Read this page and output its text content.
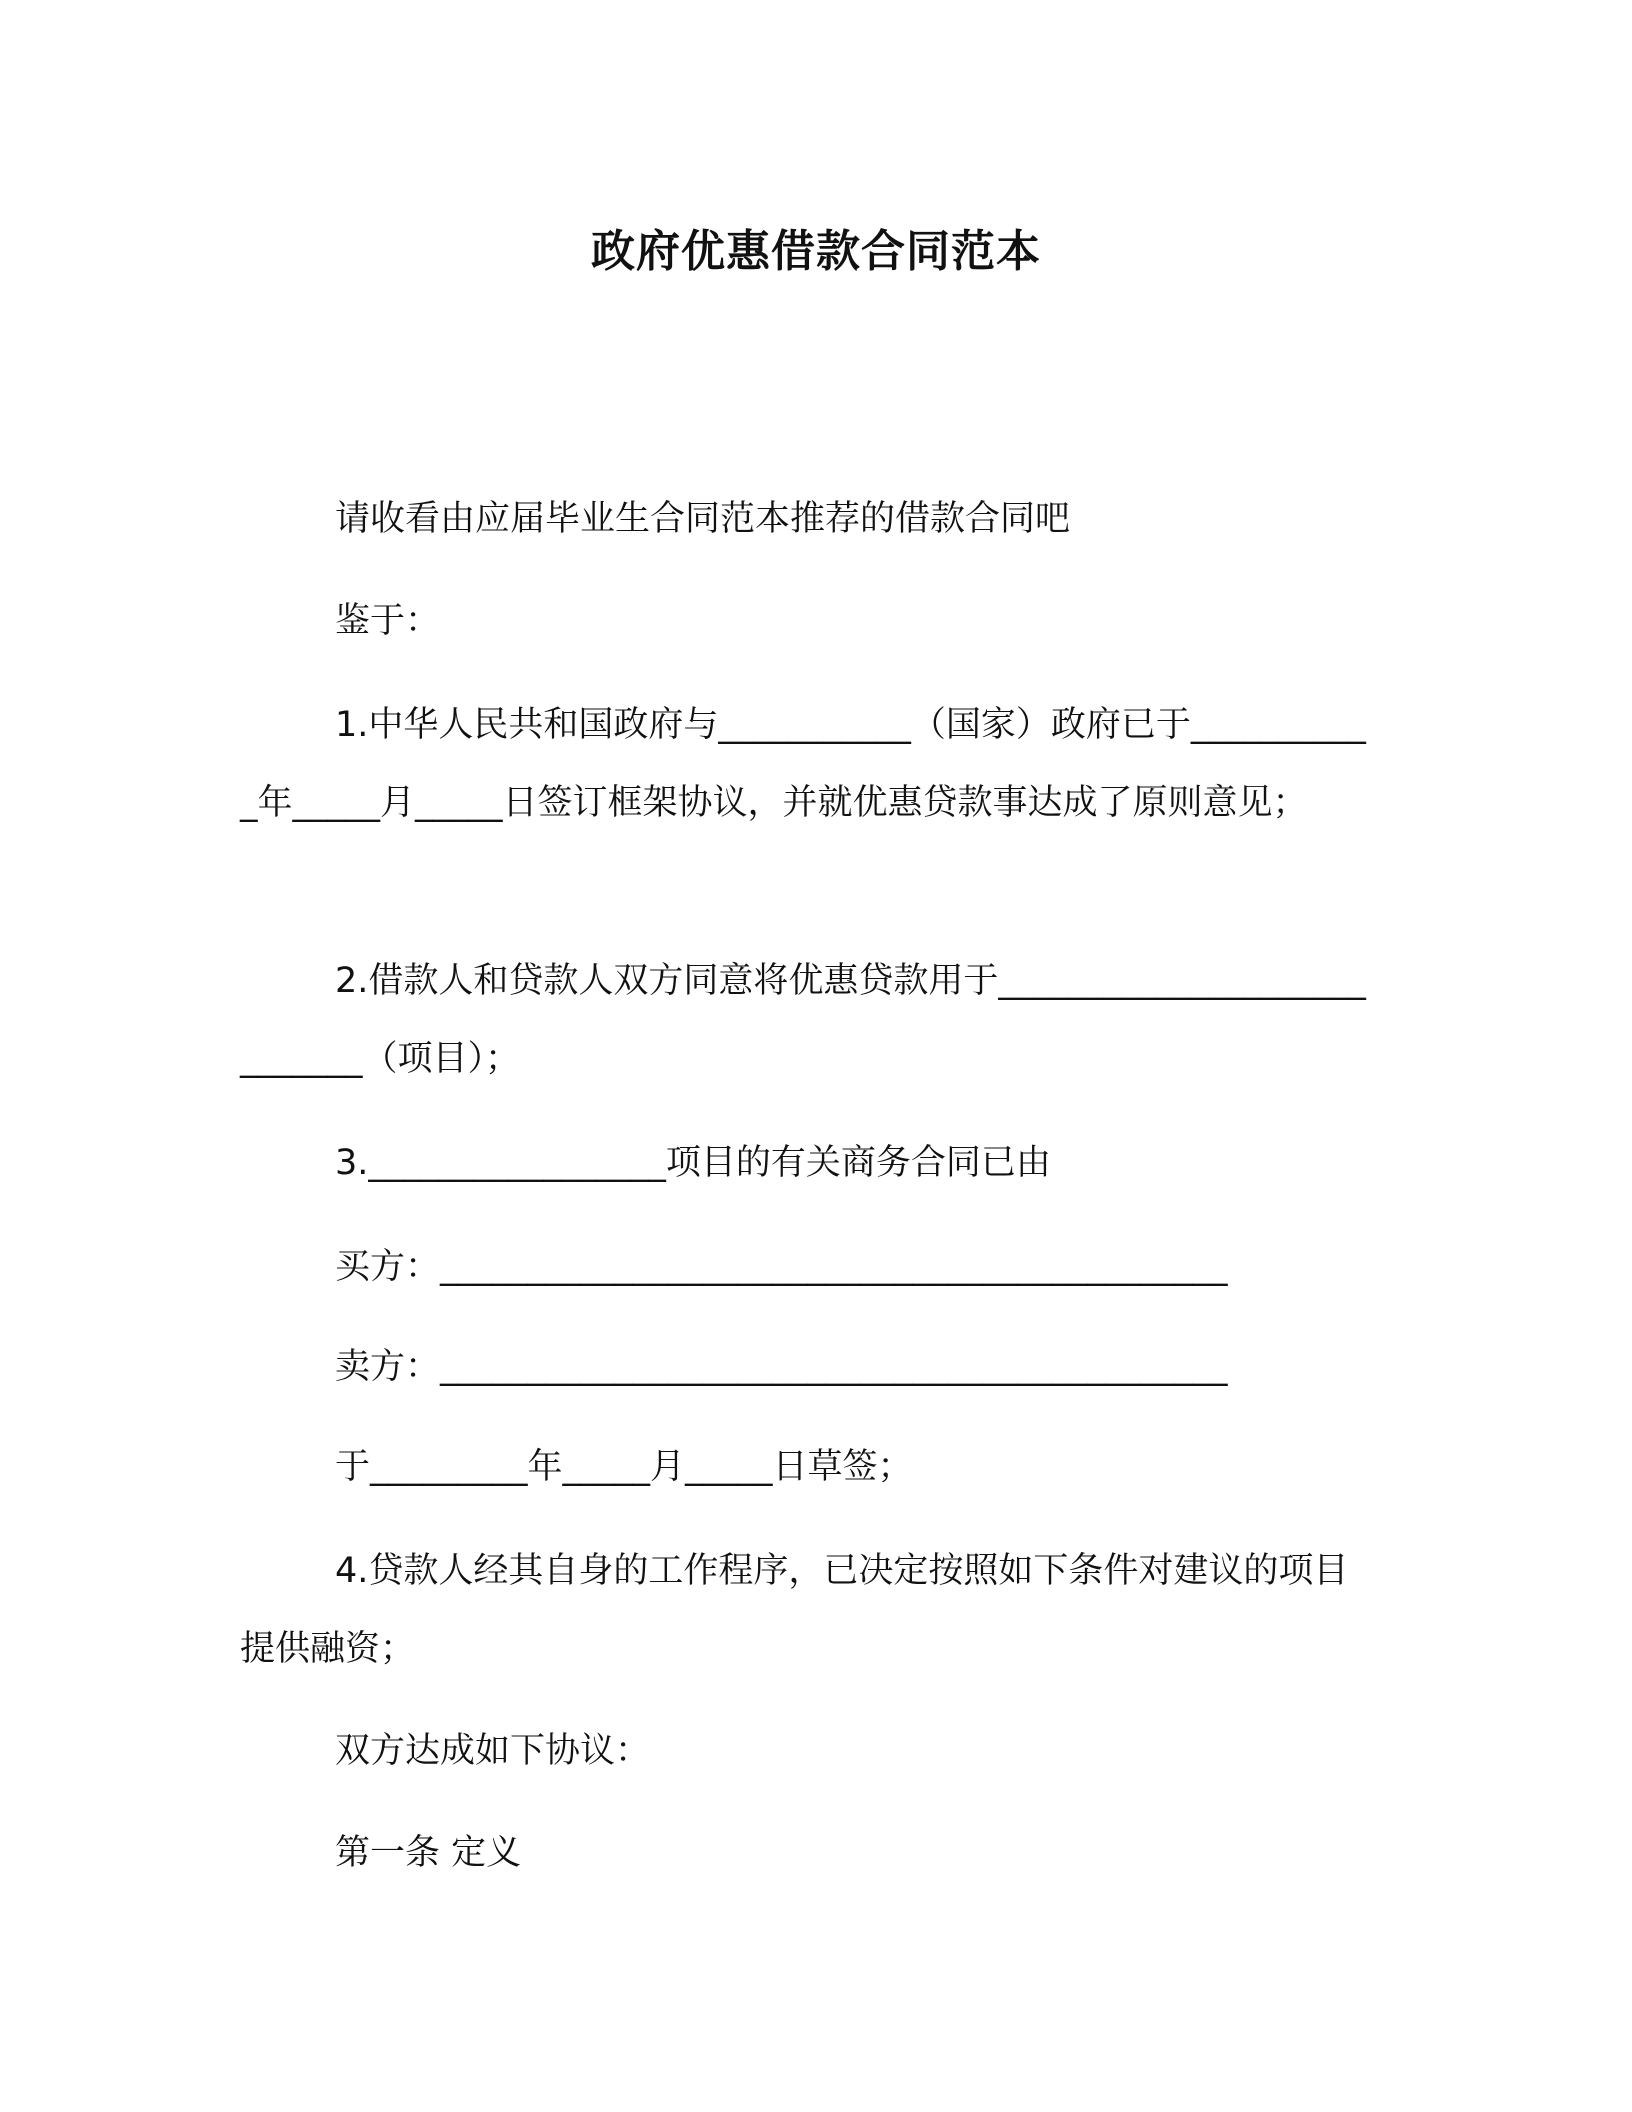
政府优惠借款合同范本
请收看由应届毕业生合同范本推荐的借款合同吧
鉴于：
1.中华人民共和国政府与___________（国家）政府已于___________年_____月_____日签订框架协议，并就优惠贷款事达成了原则意见；
2.借款人和贷款人双方同意将优惠贷款用于____________________________（项目）；
3._________________项目的有关商务合同已由
买方：_____________________________________________
卖方：_____________________________________________
于_________年_____月_____日草签；
4.贷款人经其自身的工作程序，已决定按照如下条件对建议的项目提供融资；
双方达成如下协议：
第一条 定义
